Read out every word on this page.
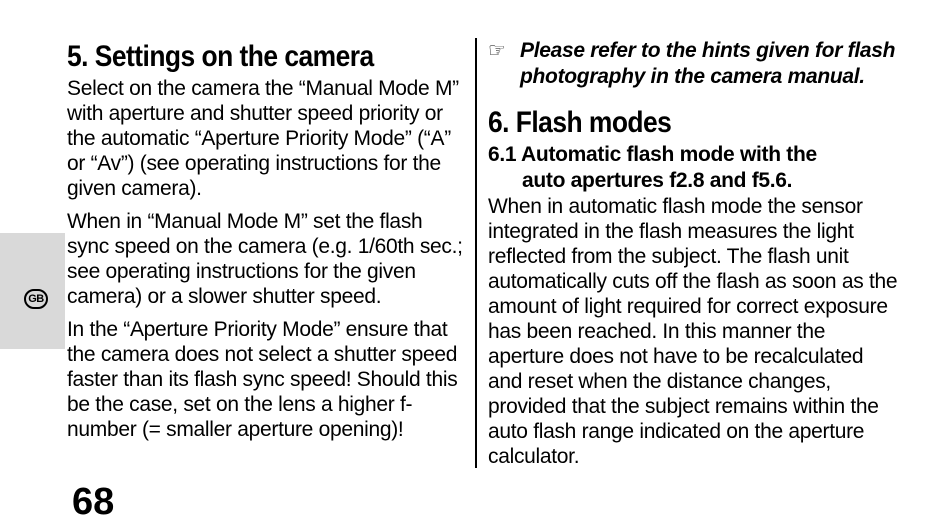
GB
5. Settings on the camera

Select on the camera the “Manual Mode M” with aperture and shutter speed priority or the automatic “Aperture Priority Mode” (“A” or “Av”) (see operating instructions for the given camera).

When in “Manual Mode M” set the flash sync speed on the camera (e.g. 1/60th sec.; see operating instructions for the given camera) or a slower shutter speed.

In the “Aperture Priority Mode” ensure that the camera does not select a shutter speed faster than its flash sync speed! Should this be the case, set on the lens a higher f-number (= smaller aperture opening)!

☞ Please refer to the hints given for flash photography in the camera manual.
6. Flash modes
6.1 Automatic flash mode with the
auto apertures f2.8 and f5.6.

When in automatic flash mode the sensor integrated in the flash measures the light reflected from the subject. The flash unit automatically cuts off the flash as soon as the amount of light required for correct exposure has been reached. In this manner the aperture does not have to be recalculated and reset when the distance changes, provided that the subject remains within the auto flash range indicated on the aperture calculator.

68
